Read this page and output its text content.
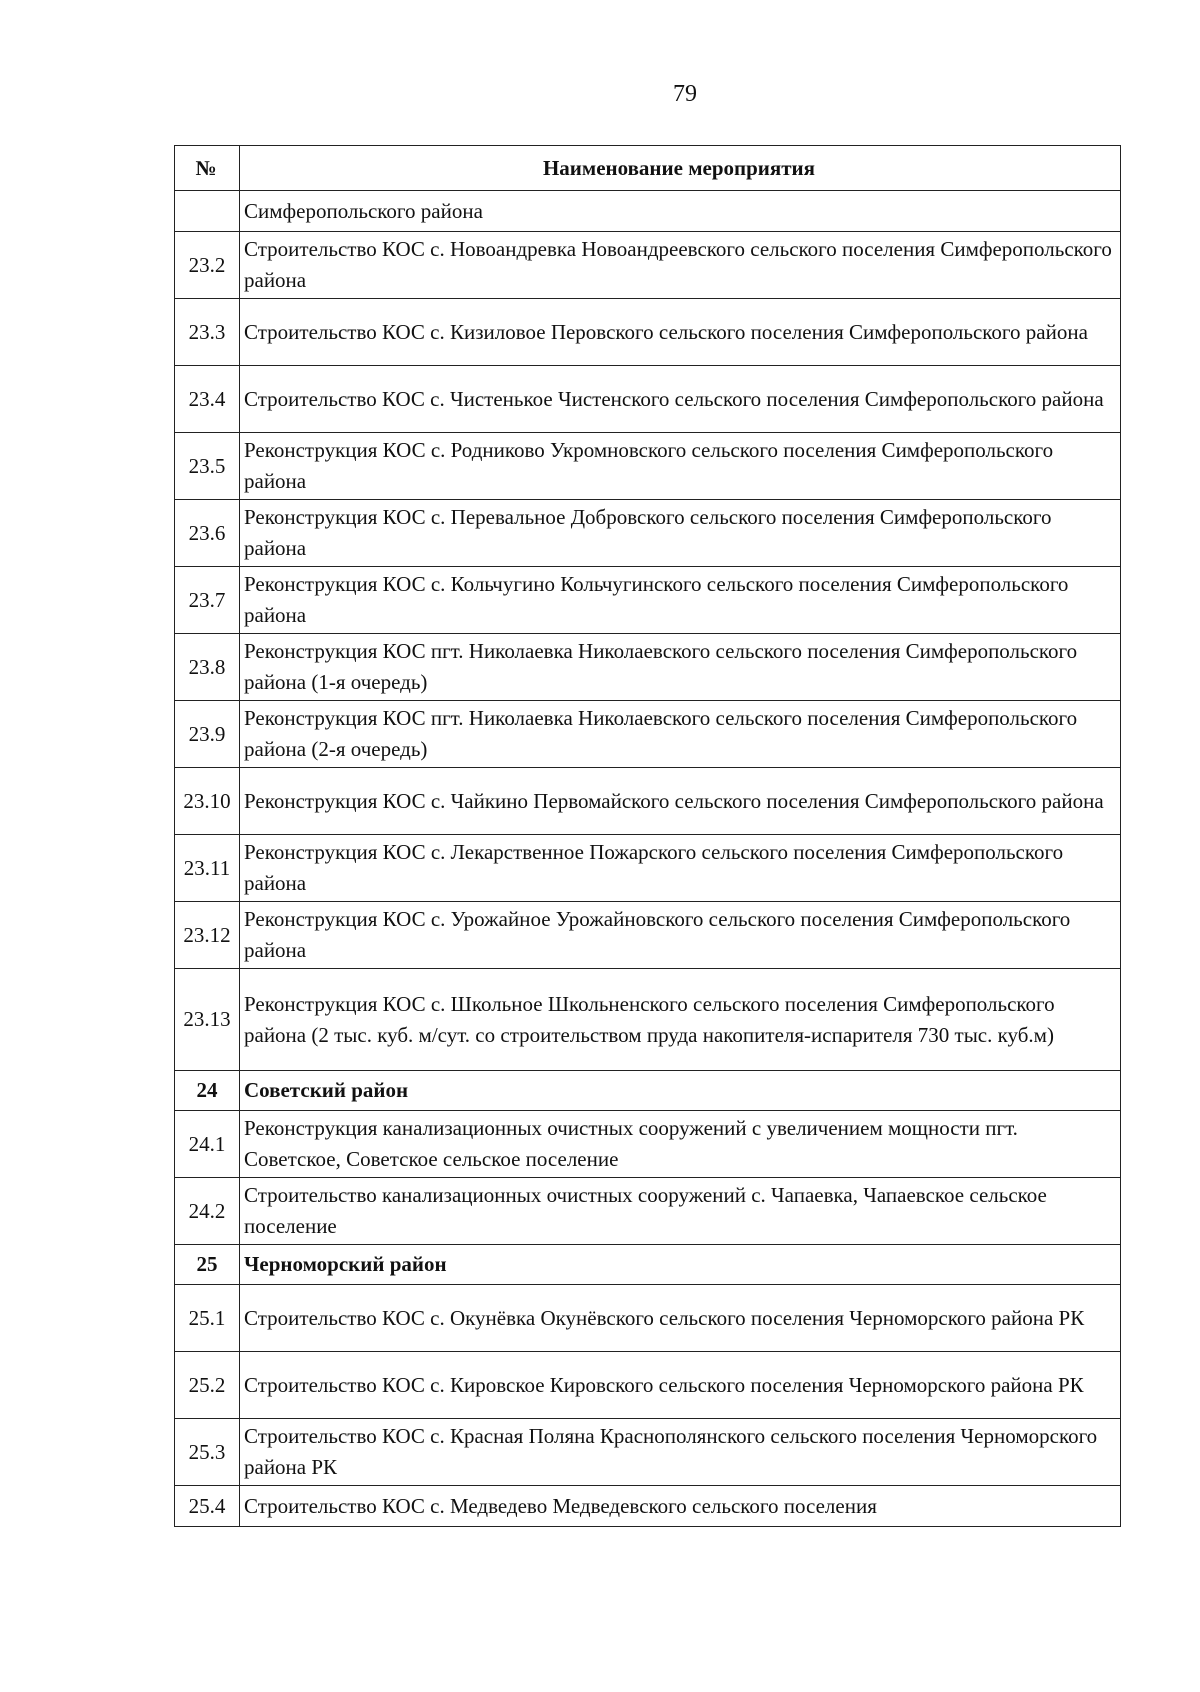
79
№	Наименование мероприятия
	Симферопольского района
23.2	Строительство КОС с. Новоандревка Новоандреевского сельского поселения Симферопольского района
23.3	Строительство КОС с. Кизиловое Перовского сельского поселения Симферопольского района
23.4	Строительство КОС с. Чистенькое Чистенского сельского поселения Симферопольского района
23.5	Реконструкция КОС с. Родниково Укромновского сельского поселения Симферопольского района
23.6	Реконструкция КОС с. Перевальное Добровского сельского поселения Симферопольского района
23.7	Реконструкция КОС с. Кольчугино Кольчугинского сельского поселения Симферопольского района
23.8	Реконструкция КОС пгт. Николаевка Николаевского сельского поселения Симферопольского района (1-я очередь)
23.9	Реконструкция КОС пгт. Николаевка Николаевского сельского поселения Симферопольского района (2-я очередь)
23.10	Реконструкция КОС с. Чайкино Первомайского сельского поселения Симферопольского района
23.11	Реконструкция КОС с. Лекарственное Пожарского сельского поселения Симферопольского района
23.12	Реконструкция КОС с. Урожайное Урожайновского сельского поселения Симферопольского района
23.13	Реконструкция КОС с. Школьное Школьненского сельского поселения Симферопольского района (2 тыс. куб. м/сут. со строительством пруда накопителя-испарителя 730 тыс. куб.м)
24	Советский район
24.1	Реконструкция канализационных очистных сооружений с увеличением мощности пгт. Советское, Советское сельское поселение
24.2	Строительство канализационных очистных сооружений с. Чапаевка, Чапаевское сельское поселение
25	Черноморский район
25.1	Строительство КОС с. Окунёвка Окунёвского сельского поселения Черноморского района РК
25.2	Строительство КОС с. Кировское Кировского сельского поселения Черноморского района РК
25.3	Строительство КОС с. Красная Поляна Краснополянского сельского поселения Черноморского района РК
25.4	Строительство КОС с. Медведево Медведевского сельского поселения
